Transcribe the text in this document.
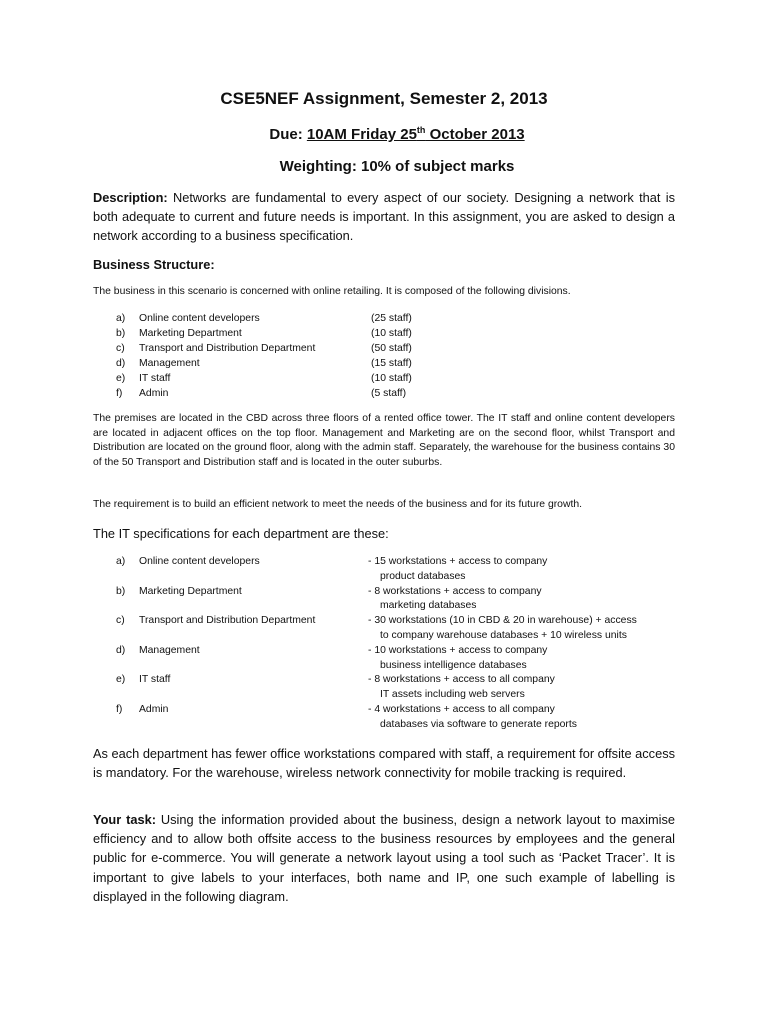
CSE5NEF Assignment, Semester 2, 2013
Due: 10AM Friday 25th October 2013
Weighting: 10% of subject marks
Description: Networks are fundamental to every aspect of our society. Designing a network that is both adequate to current and future needs is important. In this assignment, you are asked to design a network according to a business specification.
Business Structure:
The business in this scenario is concerned with online retailing. It is composed of the following divisions.
a) Online content developers	(25 staff)
b) Marketing Department	(10 staff)
c) Transport and Distribution Department	(50 staff)
d) Management	(15 staff)
e) IT staff	(10 staff)
f) Admin	(5 staff)
The premises are located in the CBD across three floors of a rented office tower. The IT staff and online content developers are located in adjacent offices on the top floor. Management and Marketing are on the second floor, whilst Transport and Distribution are located on the ground floor, along with the admin staff. Separately, the warehouse for the business contains 30 of the 50 Transport and Distribution staff and is located in the outer suburbs.
The requirement is to build an efficient network to meet the needs of the business and for its future growth.
The IT specifications for each department are these:
a) Online content developers	- 15 workstations + access to company
product databases
b) Marketing Department	- 8 workstations + access to company
marketing databases
c) Transport and Distribution Department	- 30 workstations (10 in CBD & 20 in warehouse) + access
to company warehouse databases + 10 wireless units
d) Management	- 10 workstations + access to company
business intelligence databases
e) IT staff	- 8 workstations + access to all company
IT assets including web servers
f) Admin	- 4 workstations + access to all company
databases via software to generate reports
As each department has fewer office workstations compared with staff, a requirement for offsite access is mandatory. For the warehouse, wireless network connectivity for mobile tracking is required.
Your task: Using the information provided about the business, design a network layout to maximise efficiency and to allow both offsite access to the business resources by employees and the general public for e-commerce. You will generate a network layout using a tool such as ‘Packet Tracer’. It is important to give labels to your interfaces, both name and IP, one such example of labelling is displayed in the following diagram.
